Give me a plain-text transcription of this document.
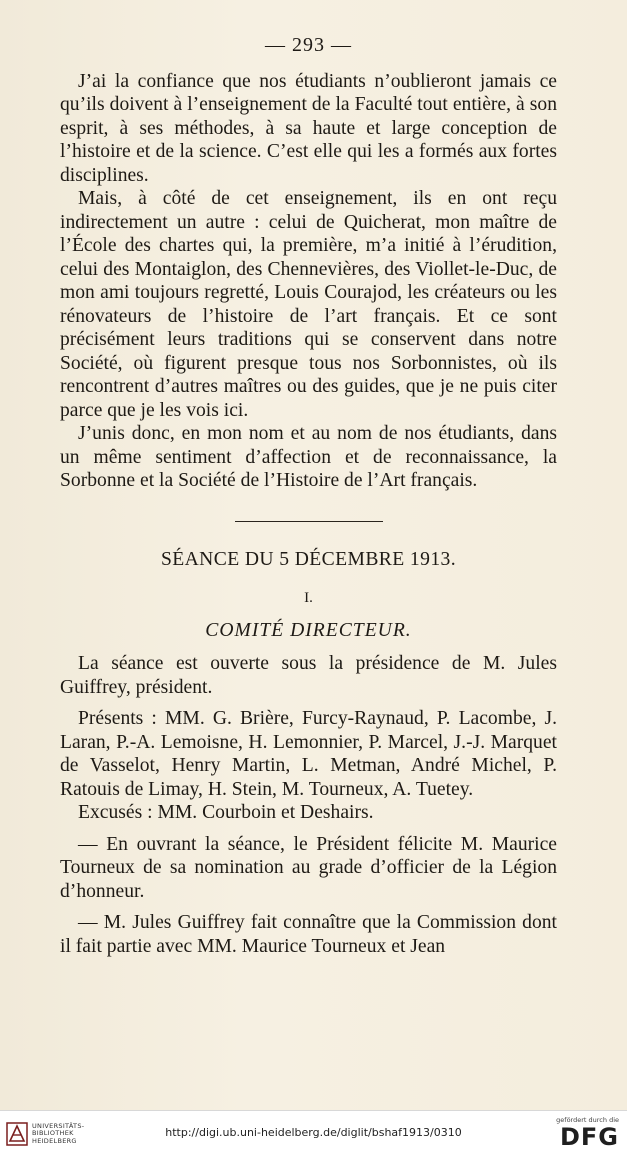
— 293 —

J’ai la confiance que nos étudiants n’oublieront jamais ce qu’ils doivent à l’enseignement de la Faculté tout entière, à son esprit, à ses méthodes, à sa haute et large conception de l’histoire et de la science. C’est elle qui les a formés aux fortes disciplines.

Mais, à côté de cet enseignement, ils en ont reçu indirectement un autre : celui de Quicherat, mon maître de l’École des chartes qui, la première, m’a initié à l’érudition, celui des Montaiglon, des Chennevières, des Viollet-le-Duc, de mon ami toujours regretté, Louis Courajod, les créateurs ou les rénovateurs de l’histoire de l’art français. Et ce sont précisément leurs traditions qui se conservent dans notre Société, où figurent presque tous nos Sorbonnistes, où ils rencontrent d’autres maîtres ou des guides, que je ne puis citer parce que je les vois ici.

J’unis donc, en mon nom et au nom de nos étudiants, dans un même sentiment d’affection et de reconnaissance, la Sorbonne et la Société de l’Histoire de l’Art français.

SÉANCE DU 5 DÉCEMBRE 1913.
I.
COMITÉ DIRECTEUR.

La séance est ouverte sous la présidence de M. Jules Guiffrey, président.

Présents : MM. G. Brière, Furcy-Raynaud, P. Lacombe, J. Laran, P.-A. Lemoisne, H. Lemonnier, P. Marcel, J.-J. Marquet de Vasselot, Henry Martin, L. Metman, André Michel, P. Ratouis de Limay, H. Stein, M. Tourneux, A. Tuetey.

Excusés : MM. Courboin et Deshairs.

— En ouvrant la séance, le Président félicite M. Maurice Tourneux de sa nomination au grade d’officier de la Légion d’honneur.

— M. Jules Guiffrey fait connaître que la Commission dont il fait partie avec MM. Maurice Tourneux et Jean

UNIVERSITÄTS-
BIBLIOTHEK
HEIDELBERG
http://digi.ub.uni-heidelberg.de/diglit/bshaf1913/0310
gefördert durch die
DFG
